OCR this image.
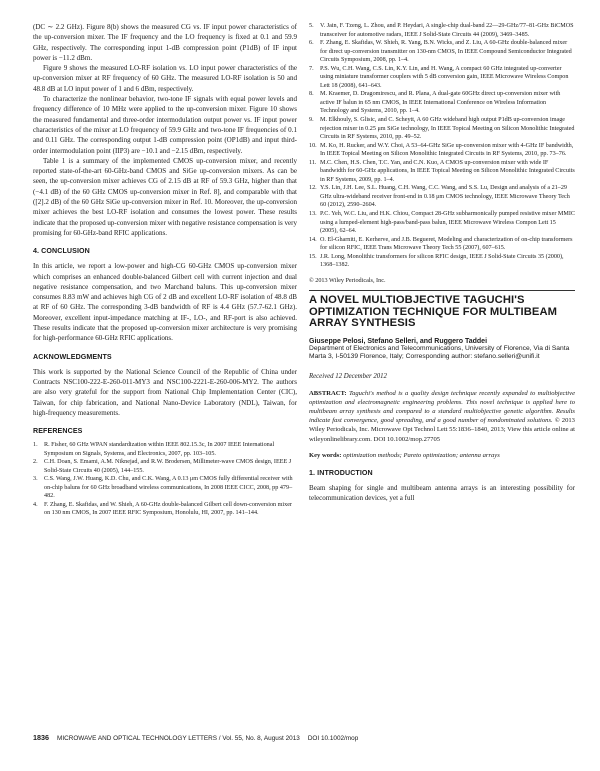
(DC ∼ 2.2 GHz). Figure 8(b) shows the measured CG vs. IF input power characteristics of the up-conversion mixer. The IF frequency and the LO frequency is fixed at 0.1 and 59.9 GHz, respectively. The corresponding input 1-dB compression point (P1dB) of IF input power is −11.2 dBm.

Figure 9 shows the measured LO-RF isolation vs. LO input power characteristics of the up-conversion mixer at RF frequency of 60 GHz. The measured LO-RF isolation is 50 and 48.8 dB at LO input power of 1 and 6 dBm, respectively.

To characterize the nonlinear behavior, two-tone IF signals with equal power levels and frequency difference of 10 MHz were applied to the up-conversion mixer. Figure 10 shows the measured fundamental and three-order intermodulation output power vs. IF input power characteristics of the mixer at LO frequency of 59.9 GHz and two-tone IF frequencies of 0.1 and 0.11 GHz. The corresponding output 1-dB compression point (OP1dB) and input third-order intermodulation point (IIP3) are −10.1 and −2.15 dBm, respectively.

Table 1 is a summary of the implemented CMOS up-conversion mixer, and recently reported state-of-the-art 60-GHz-band CMOS and SiGe up-conversion mixers. As can be seen, the up-conversion mixer achieves CG of 2.15 dB at RF of 59.3 GHz, higher than that (−4.1 dB) of the 60 GHz CMOS up-conversion mixer in Ref. 8], and comparable with that ([2].2 dB) of the 60 GHz SiGe up-conversion mixer in Ref. 10. Moreover, the up-conversion mixer achieves the best LO-RF isolation and consumes the lowest power. These results indicate that the proposed up-conversion mixer with negative resistance compensation is very promising for 60-GHz-band RFIC applications.

4. CONCLUSION

In this article, we report a low-power and high-CG 60-GHz CMOS up-conversion mixer which comprises an enhanced double-balanced Gilbert cell with current injection and dual negative resistance compensation, and two Marchand baluns. This up-conversion mixer consumes 8.83 mW and achieves high CG of 2 dB and excellent LO-RF isolation of 48.8 dB at RF of 60 GHz. The corresponding 3-dB bandwidth of RF is 4.4 GHz (57.7-62.1 GHz). Moreover, excellent input-impedance matching at IF-, LO-, and RF-port is also achieved. These results indicate that the proposed up-conversion mixer architecture is very promising for high-performance 60-GHz RFIC applications.

ACKNOWLEDGMENTS

This work is supported by the National Science Council of the Republic of China under Contracts NSC100-222-E-260-011-MY3 and NSC100-2221-E-260-006-MY2. The authors are also very grateful for the support from National Chip Implementation Center (CIC), Taiwan, for chip fabrication, and National Nano-Device Laboratory (NDL), Taiwan, for high-frequency measurements.

REFERENCES

1. R. Fisher, 60 GHz WPAN standardization within IEEE 802.15.3c, In 2007 IEEE International Symposium on Signals, Systems, and Electronics, 2007, pp. 103–105.

2. C.H. Doan, S. Emami, A.M. Niknejad, and R.W. Brodersen, Millimeter-wave CMOS design, IEEE J Solid-State Circuits 40 (2005), 144–155.

3. C.S. Wang, J.W. Huang, K.D. Chu, and C.K. Wang, A 0.13 μm CMOS fully differential receiver with on-chip baluns for 60 GHz broadband wireless communications, In 2008 IEEE CICC, 2008, pp 479–482.

4. F. Zhang, E. Skafidas, and W. Shieh, A 60-GHz double-balanced Gilbert cell down-conversion mixer on 130 nm CMOS, In 2007 IEEE RFIC Symposium, Honolulu, HI, 2007, pp. 141–144.

5. V. Jain, F. Tzeng, L. Zhou, and P. Heydari, A single-chip dual-band 22—29-GHz/77–81-GHz BiCMOS transceiver for automotive radars, IEEE J Solid-State Circuits 44 (2009), 3469–3485.

6. F. Zhang, E. Skafidas, W. Shieh, R. Yang, B.N. Wicks, and Z. Liu, A 60-GHz double-balanced mixer for direct up-conversion transmitter on 130-nm CMOS, In IEEE Compound Semiconductor Integrated Circuits Symposium, 2008, pp. 1–4.

7. P.S. Wu, C.H. Wang, C.S. Lin, K.Y. Lin, and H. Wang, A compact 60 GHz integrated up-converter using miniature transformer couplers with 5 dB conversion gain, IEEE Microwave Wireless Compon Lett 18 (2008), 641–643.

8. M. Kraemer, D. Dragomirescu, and R. Plana, A dual-gate 60GHz direct up-conversion mixer with active IF balun in 65 nm CMOS, In IEEE International Conference on Wireless Information Technology and Systems, 2010, pp. 1–4.

9. M. Elkhouly, S. Glisic, and C. Scheytt, A 60 GHz wideband high output P1dB up-conversion image rejection mixer in 0.25 μm SiGe technology, In IEEE Topical Meeting on Silicon Monolithic Integrated Circuits in RF Systems, 2010, pp. 49–52.

10. M. Ko, H. Rucker, and W.Y. Choi, A 53–64-GHz SiGe up-conversion mixer with 4-GHz IF bandwidth, In IEEE Topical Meeting on Silicon Monolithic Integrated Circuits in RF Systems, 2010, pp. 73–76.

11. M.C. Chen, H.S. Chen, T.C. Yan, and C.N. Kuo, A CMOS up-conversion mixer with wide IF bandwidth for 60-GHz applications, In IEEE Topical Meeting on Silicon Monolithic Integrated Circuits in RF Systems, 2009, pp. 1–4.

12. Y.S. Lin, J.H. Lee, S.L. Huang, C.H. Wang, C.C. Wang, and S.S. Lu, Design and analysis of a 21–29 GHz ultra-wideband receiver front-end in 0.18 μm CMOS technology, IEEE Microwave Theory Tech 60 (2012), 2590–2604.

13. P.C. Yeh, W.C. Liu, and H.K. Chiou, Compact 28-GHz subharmonically pumped resistive mixer MMIC using a lumped-element high-pass/band-pass balun, IEEE Microwave Wireless Compon Lett 15 (2005), 62–64.

14. O. El-Gharniti, E. Kerherve, and J.B. Begueret, Modeling and characterization of on-chip transformers for silicon RFIC, IEEE Trans Microwave Theory Tech 55 (2007), 607–615.

15. J.R. Long, Monolithic transformers for silicon RFIC design, IEEE J Solid-State Circuits 35 (2000), 1368–1382.

© 2013 Wiley Periodicals, Inc.

A NOVEL MULTIOBJECTIVE TAGUCHI'S OPTIMIZATION TECHNIQUE FOR MULTIBEAM ARRAY SYNTHESIS

Giuseppe Pelosi, Stefano Selleri, and Ruggero Taddei

Department of Electronics and Telecommunications, University of Florence, Via di Santa Marta 3, I-50139 Florence, Italy; Corresponding author: stefano.selleri@unifi.it

Received 12 December 2012

ABSTRACT: Taguchi's method is a quality design technique recently expanded to multiobjective optimization and electromagnetic engineering problems. This novel technique is applied here to multibeam array synthesis and compared to a standard multiobjective genetic algorithm. Results indicate fast convergence, good spreading, and a good number of nondominated solutions. © 2013 Wiley Periodicals, Inc. Microwave Opt Technol Lett 55:1836–1840, 2013; View this article online at wileyonlinelibrary.com. DOI 10.1002/mop.27705

Key words: optimization methods; Pareto optimization; antenna arrays

1. INTRODUCTION

Beam shaping for single and multibeam antenna arrays is an interesting possibility for telecommunication devices, yet a full

1836 MICROWAVE AND OPTICAL TECHNOLOGY LETTERS / Vol. 55, No. 8, August 2013 DOI 10.1002/mop
